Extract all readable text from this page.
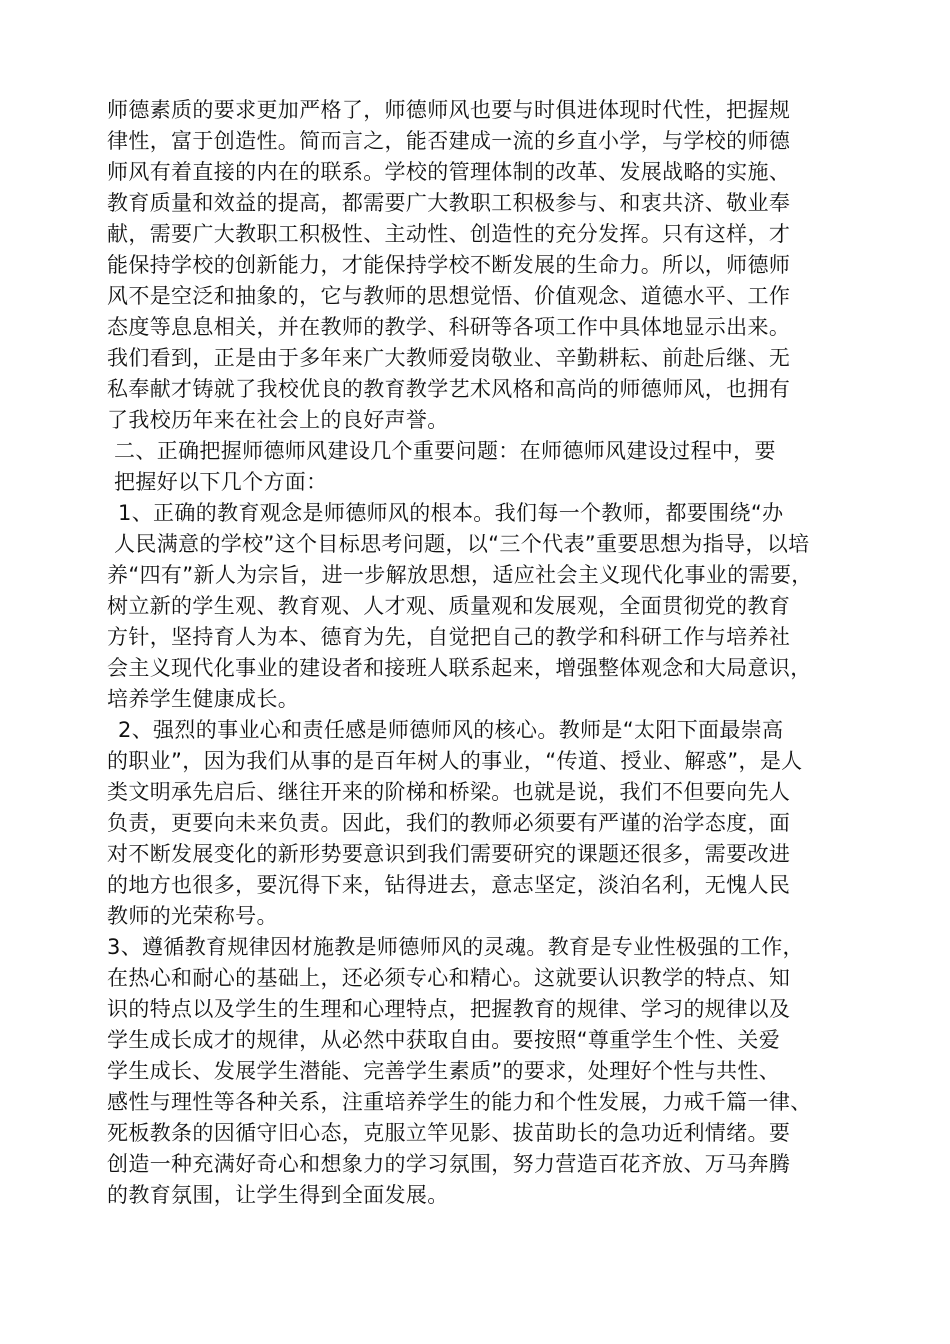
师德素质的要求更加严格了，师德师风也要与时俱进体现时代性，把握规
律性，富于创造性。简而言之，能否建成一流的乡直小学，与学校的师德
师风有着直接的内在的联系。学校的管理体制的改革、发展战略的实施、
教育质量和效益的提高，都需要广大教职工积极参与、和衷共济、敬业奉
献，需要广大教职工积极性、主动性、创造性的充分发挥。只有这样，才
能保持学校的创新能力，才能保持学校不断发展的生命力。所以，师德师
风不是空泛和抽象的，它与教师的思想觉悟、价值观念、道德水平、工作
态度等息息相关，并在教师的教学、科研等各项工作中具体地显示出来。
我们看到，正是由于多年来广大教师爱岗敬业、辛勤耕耘、前赴后继、无
私奉献才铸就了我校优良的教育教学艺术风格和高尚的师德师风，也拥有
了我校历年来在社会上的良好声誉。
二、正确把握师德师风建设几个重要问题：在师德师风建设过程中，要
把握好以下几个方面：
1、正确的教育观念是师德师风的根本。我们每一个教师，都要围绕“办
人民满意的学校”这个目标思考问题，以“三个代表”重要思想为指导，以培
养“四有”新人为宗旨，进一步解放思想，适应社会主义现代化事业的需要，
树立新的学生观、教育观、人才观、质量观和发展观，全面贯彻党的教育
方针，坚持育人为本、德育为先，自觉把自己的教学和科研工作与培养社
会主义现代化事业的建设者和接班人联系起来，增强整体观念和大局意识，
培养学生健康成长。
2、强烈的事业心和责任感是师德师风的核心。教师是“太阳下面最崇高
的职业”，因为我们从事的是百年树人的事业，“传道、授业、解惑”，是人
类文明承先启后、继往开来的阶梯和桥梁。也就是说，我们不但要向先人
负责，更要向未来负责。因此，我们的教师必须要有严谨的治学态度，面
对不断发展变化的新形势要意识到我们需要研究的课题还很多，需要改进
的地方也很多，要沉得下来，钻得进去，意志坚定，淡泊名利，无愧人民
教师的光荣称号。
3、遵循教育规律因材施教是师德师风的灵魂。教育是专业性极强的工作，
在热心和耐心的基础上，还必须专心和精心。这就要认识教学的特点、知
识的特点以及学生的生理和心理特点，把握教育的规律、学习的规律以及
学生成长成才的规律，从必然中获取自由。要按照“尊重学生个性、关爱
学生成长、发展学生潜能、完善学生素质”的要求，处理好个性与共性、
感性与理性等各种关系，注重培养学生的能力和个性发展，力戒千篇一律、
死板教条的因循守旧心态，克服立竿见影、拔苗助长的急功近利情绪。要
创造一种充满好奇心和想象力的学习氛围，努力营造百花齐放、万马奔腾
的教育氛围，让学生得到全面发展。
